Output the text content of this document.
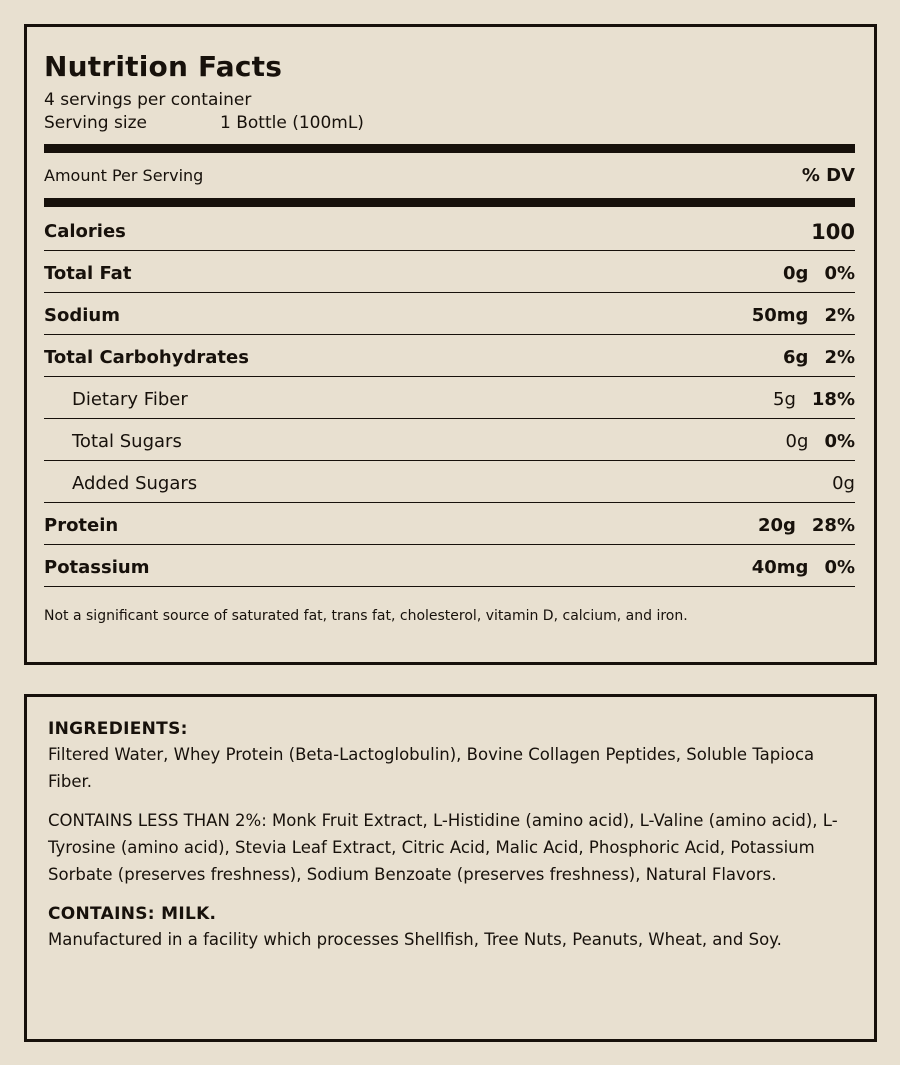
Nutrition Facts
4 servings per container
Serving size	1 Bottle (100mL)
Amount Per Serving	% DV
Calories	100
Total Fat	0g 0%
Sodium	50mg 2%
Total Carbohydrates	6g 2%
Dietary Fiber	5g 18%
Total Sugars	0g 0%
Added Sugars	0g
Protein	20g 28%
Potassium	40mg 0%
Not a significant source of saturated fat, trans fat, cholesterol, vitamin D, calcium, and iron.
INGREDIENTS:
Filtered Water, Whey Protein (Beta-Lactoglobulin), Bovine Collagen Peptides, Soluble Tapioca Fiber.
CONTAINS LESS THAN 2%: Monk Fruit Extract, L-Histidine (amino acid), L-Valine (amino acid), L-Tyrosine (amino acid), Stevia Leaf Extract, Citric Acid, Malic Acid, Phosphoric Acid, Potassium Sorbate (preserves freshness), Sodium Benzoate (preserves freshness), Natural Flavors.
CONTAINS: MILK.
Manufactured in a facility which processes Shellfish, Tree Nuts, Peanuts, Wheat, and Soy.
